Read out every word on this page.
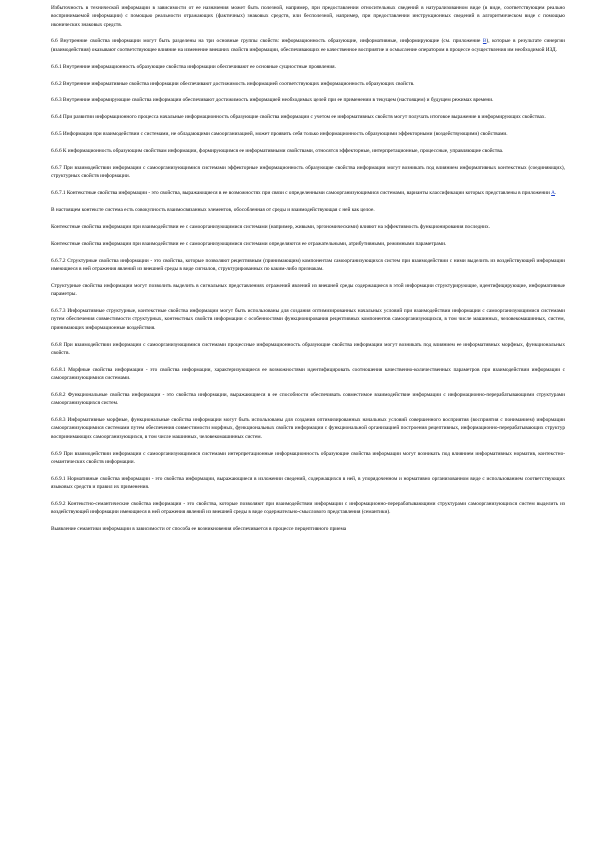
Избыточность в технической информации в зависимости от ее назначения может быть полезной, например, при предоставлении относительных сведений в натурализованном виде (в виде, соответствующем реально воспринимаемой информации) с помощью реальности отражающих (фактичных) знаковых средств, или бесполезной, например, при предоставлении инструкционных сведений в алгоритмическом виде с помощью иконических знаковых средств.

6.6 Внутренние свойства информации могут быть разделены на три основные группы свойств: информационность образующие, информативные, информирующие (см. приложение В), которые в результате синергии (взаимодействия) оказывают соответствующее влияние на изменение внешних свойств информации, обеспечивающих ее качественное восприятие и осмысление оператором в процессе осуществления им необходимой ИЗД.

6.6.1 Внутренние информационность образующие свойства информации обеспечивают ее основные сущностные проявления.

6.6.2 Внутренние информативные свойства информации обеспечивают достижимость информацией соответствующих информационность образующих свойств.

6.6.3 Внутренние информирующие свойства информации обеспечивают достижимость информацией необходимых целей при ее применении в текущем (настоящем) и будущем режимах времени.

6.6.4 При развитии информационного процесса начальные информационность образующие свойства информации с учетом ее информативных свойств могут получать итоговое выражение в информирующих свойствах.

6.6.5 Информация при взаимодействии с системами, не обладающими самоорганизацией, может проявить себя только информационность образующими эффекторными (воздействующими) свойствами.

6.6.6 К информационность образующим свойствам информации, формирующимся ее информативными свойствами, относятся эффекторные, интерпретационные, процессные, управляющие свойства.

6.6.7 При взаимодействии информации с самоорганизующимися системами эффекторные информационность образующие свойства информации могут возникать под влиянием информативных контекстных (соединяющих), структурных свойств информации.

6.6.7.1 Контекстные свойства информации - это свойства, выражающиеся в ее возможностях при связи с определенными самоорганизующимися системами, варианты классификации которых представлены в приложении А.

В настоящем контексте система есть совокупность взаимосвязанных элементов, обособленная от среды и взаимодействующая с ней как целое.

Контекстные свойства информации при взаимодействии ее с самоорганизующимися системами (например, живыми, эргономическими) влияют на эффективность функционирования последних.

Контекстные свойства информации при взаимодействии ее с самоорганизующимися системами определяются ее отражательными, атрибутивными, режимными параметрами.

6.6.7.2 Структурные свойства информации - это свойства, которые позволяют рецептивным (принимающим) компонентам самоорганизующихся систем при взаимодействии с ними выделить из воздействующей информации имеющиеся в ней отражения явлений из внешней среды в виде сигналов, структурированных по каким-либо признакам.

Структурные свойства информации могут позволить выделить в сигнальных представлениях отражений явлений из внешней среды содержащиеся в этой информации структурирующие, идентифицирующие, информативные параметры.

6.6.7.3 Информативные структурные, контекстные свойства информации могут быть использованы для создания оптимизированных начальных условий при взаимодействии информации с самоорганизующимися системами путем обеспечения совместимости структурных, контекстных свойств информации с особенностями функционирования рецептивных компонентов самоорганизующихся, в том числе машинных, человекомашинных, систем, принимающих информационные воздействия.

6.6.8 При взаимодействии информации с самоорганизующимися системами процессные информационность образующие свойства информации могут возникать под влиянием ее информативных морфных, функциональных свойств.

6.6.8.1 Морфные свойства информации - это свойства информации, характеризующиеся ее возможностями идентифицировать соотношения качественно-количественных параметров при взаимодействии информации с самоорганизующимися системами.

6.6.8.2 Функциональные свойства информации - это свойства информации, выражающиеся в ее способности обеспечивать совместимое взаимодействие информации с информационно-перерабатывающими структурами самоорганизующихся систем.

6.6.8.3 Информативные морфные, функциональные свойства информации могут быть использованы для создания оптимизированных начальных условий совершенного восприятия (восприятия с пониманием) информации самоорганизующимися системами путем обеспечения совместимости морфных, функциональных свойств информации с функциональной организацией построения рецептивных, информационно-перерабатывающих структур воспринимающих самоорганизующихся, в том числе машинных, человекомашинных систем.

6.6.9 При взаимодействии информации с самоорганизующимися системами интерпретационные информационность образующие свойства информации могут возникать под влиянием информативных норматив, контекстно-семантических свойств информации.

6.6.9.1 Нормативные свойства информации - это свойства информации, выражающиеся в изложении сведений, содержащихся в ней, в упорядоченном и нормативно организованном виде с использованием соответствующих языковых средств и правил их применения.

6.6.9.2 Контекстно-семантические свойства информации - это свойства, которые позволяют при взаимодействии информации с информационно-перерабатывающими структурами самоорганизующихся систем выделить из воздействующей информации имеющиеся в ней отражения явлений из внешней среды в виде содержательно-смыслового представления (семантики).

Выявление семантики информации в зависимости от способа ее возникновения обеспечивается в процессе перцептивного приема
